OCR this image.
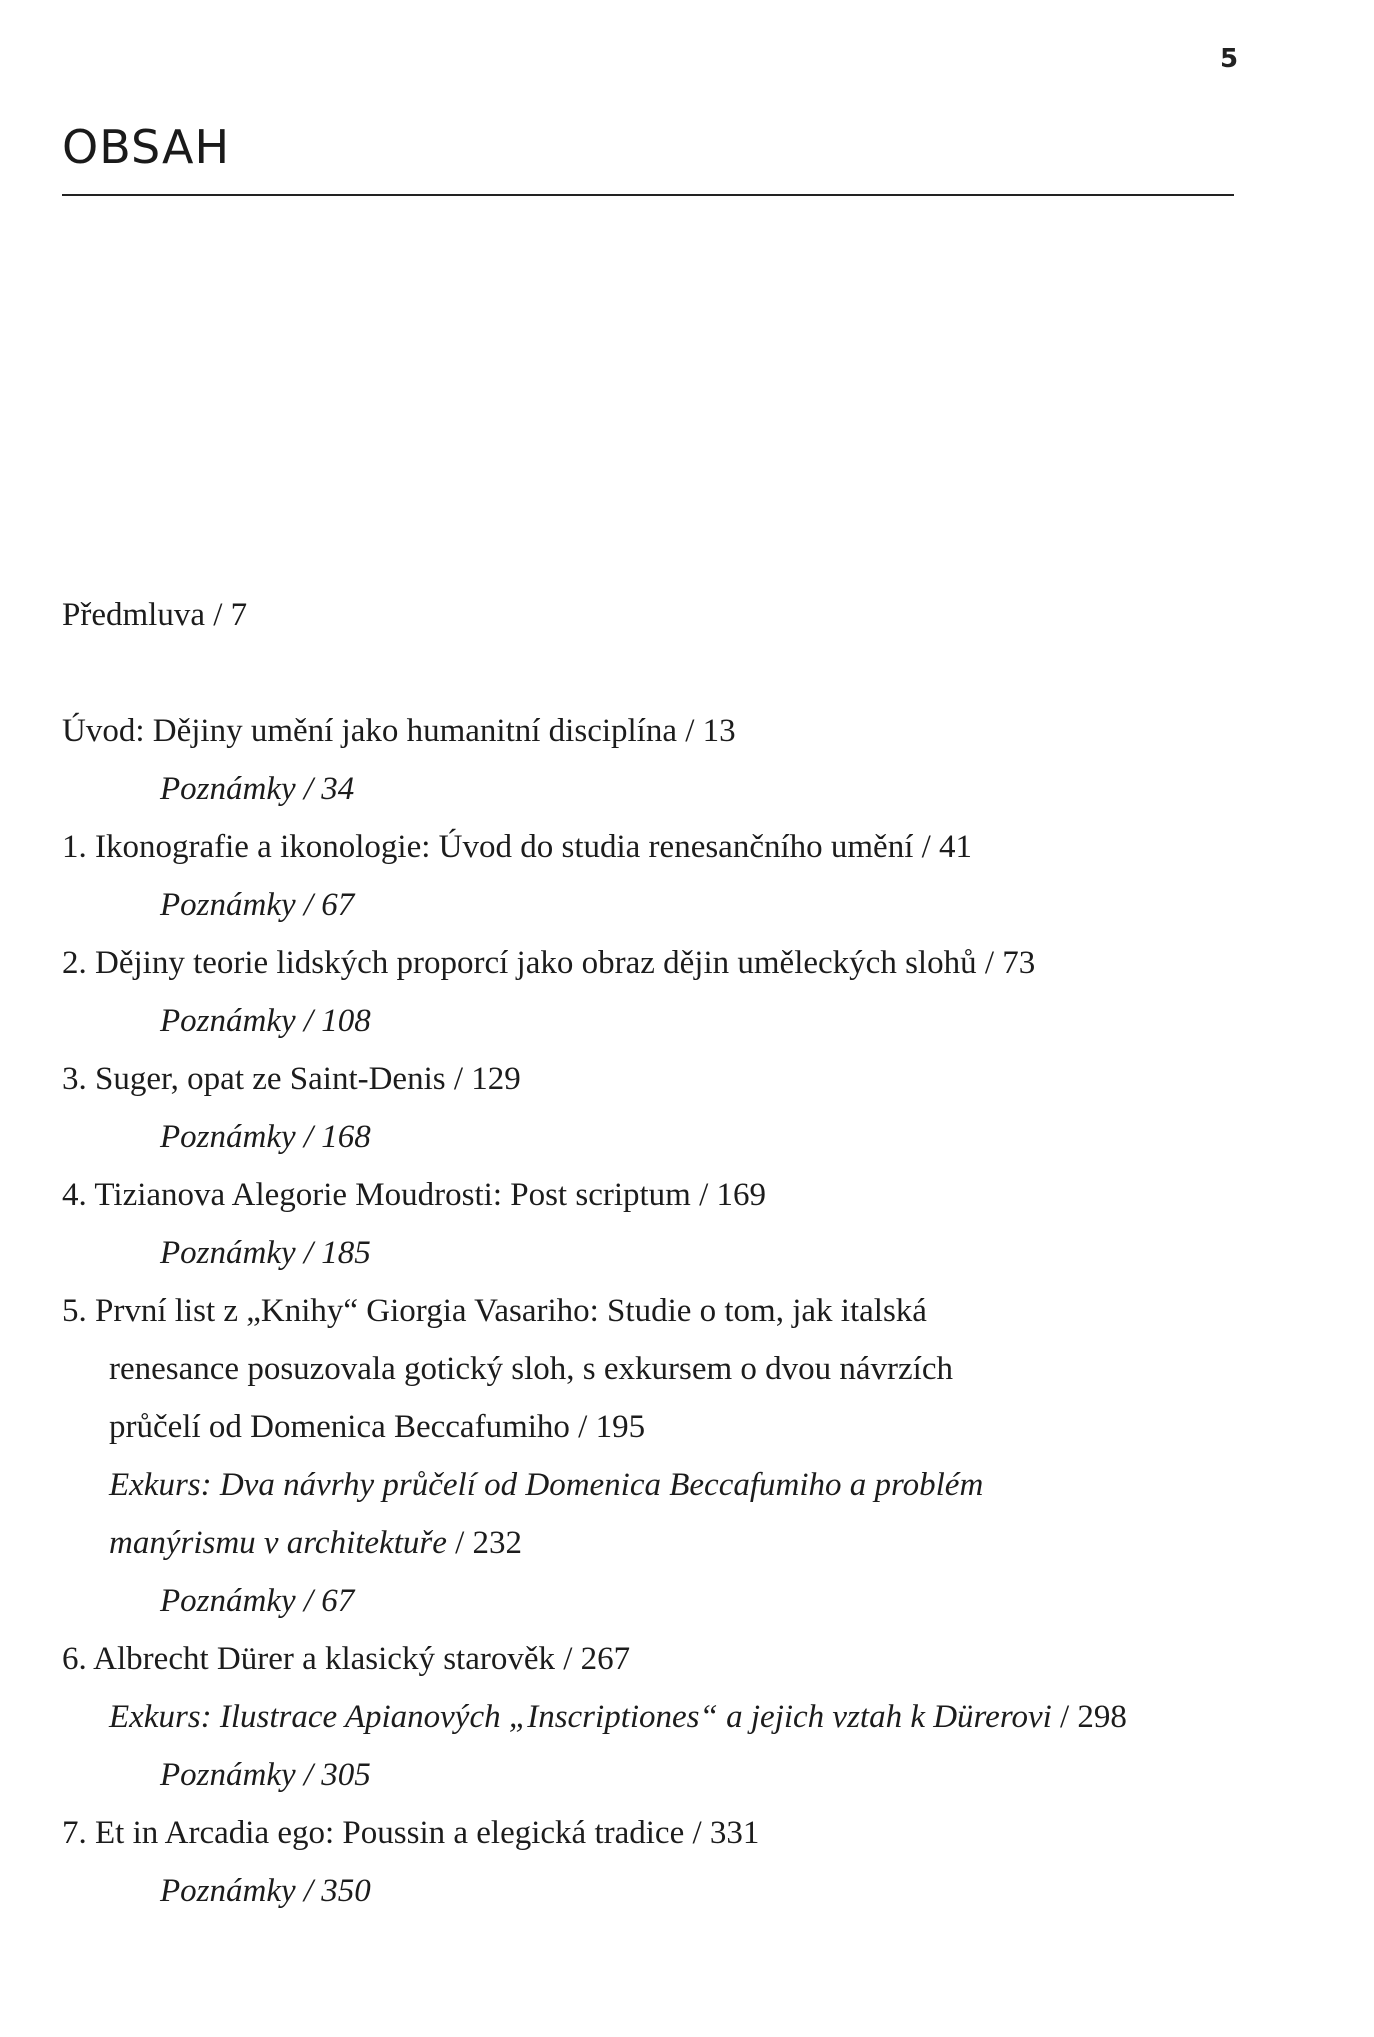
5
OBSAH
Předmluva / 7
Úvod: Dějiny umění jako humanitní disciplína / 13
Poznámky / 34
1. Ikonografie a ikonologie: Úvod do studia renesančního umění / 41
Poznámky / 67
2. Dějiny teorie lidských proporcí jako obraz dějin uměleckých slohů / 73
Poznámky / 108
3. Suger, opat ze Saint-Denis / 129
Poznámky / 168
4. Tizianova Alegorie Moudrosti: Post scriptum / 169
Poznámky / 185
5. První list z „Knihy“ Giorgia Vasariho: Studie o tom, jak italská
renesance posuzovala gotický sloh, s exkursem o dvou návrzích
průčelí od Domenica Beccafumiho / 195
Exkurs: Dva návrhy průčelí od Domenica Beccafumiho a problém
manýrismu v architektuře / 232
Poznámky / 67
6. Albrecht Dürer a klasický starověk / 267
Exkurs: Ilustrace Apianových „Inscriptiones“ a jejich vztah k Dürerovi / 298
Poznámky / 305
7. Et in Arcadia ego: Poussin a elegická tradice / 331
Poznámky / 350
